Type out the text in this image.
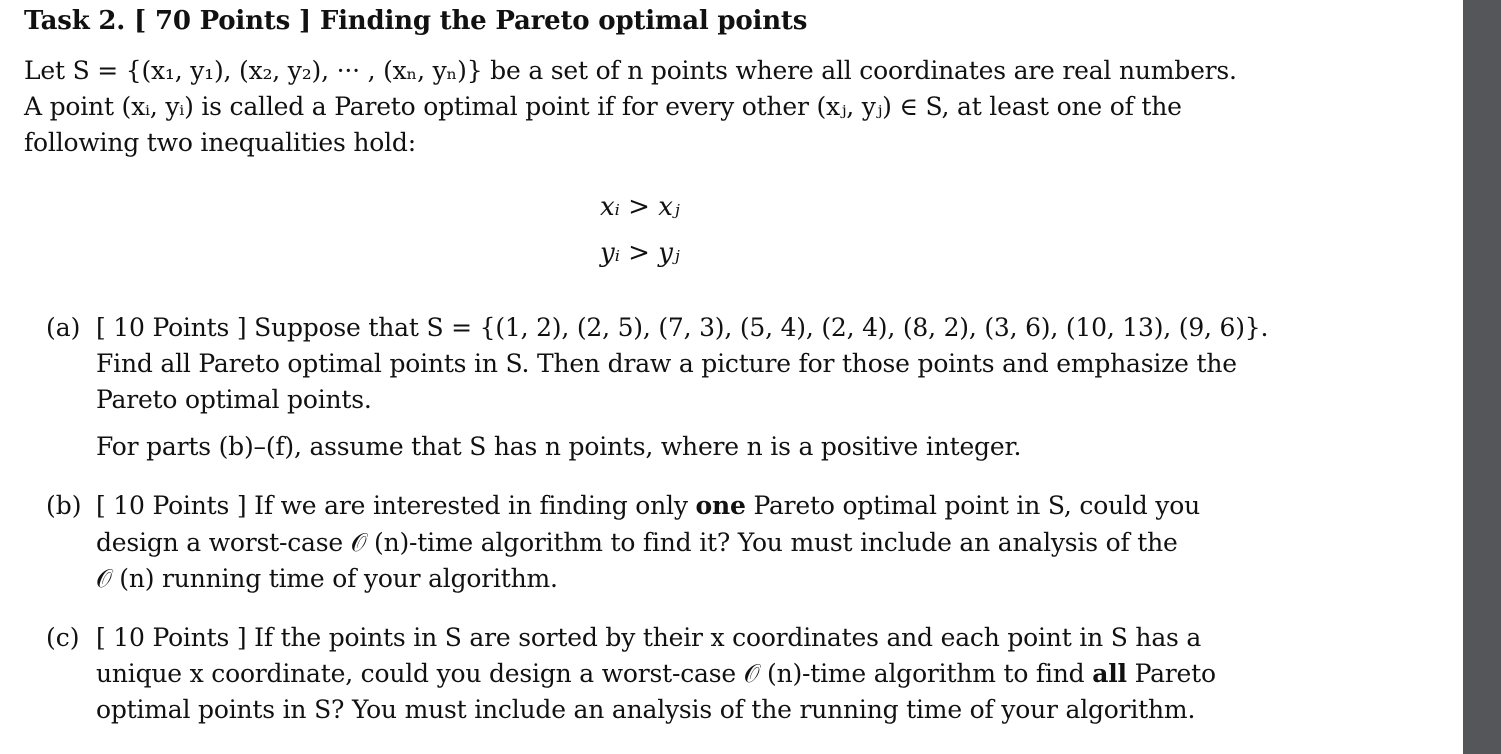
Task 2. [ 70 Points ] Finding the Pareto optimal points
Let S = {(x₁, y₁), (x₂, y₂), ··· , (xₙ, yₙ)} be a set of n points where all coordinates are real numbers.
A point (xᵢ, yᵢ) is called a Pareto optimal point if for every other (xⱼ, yⱼ) ∈ S, at least one of the
following two inequalities hold:
xᵢ > xⱼ
yᵢ > yⱼ
(a) [ 10 Points ] Suppose that S = {(1, 2), (2, 5), (7, 3), (5, 4), (2, 4), (8, 2), (3, 6), (10, 13), (9, 6)}.
Find all Pareto optimal points in S. Then draw a picture for those points and emphasize the
Pareto optimal points.
For parts (b)–(f), assume that S has n points, where n is a positive integer.
(b) [ 10 Points ] If we are interested in finding only one Pareto optimal point in S, could you
design a worst-case 𝒪 (n)-time algorithm to find it? You must include an analysis of the
𝒪 (n) running time of your algorithm.
(c) [ 10 Points ] If the points in S are sorted by their x coordinates and each point in S has a
unique x coordinate, could you design a worst-case 𝒪 (n)-time algorithm to find all Pareto
optimal points in S? You must include an analysis of the running time of your algorithm.
